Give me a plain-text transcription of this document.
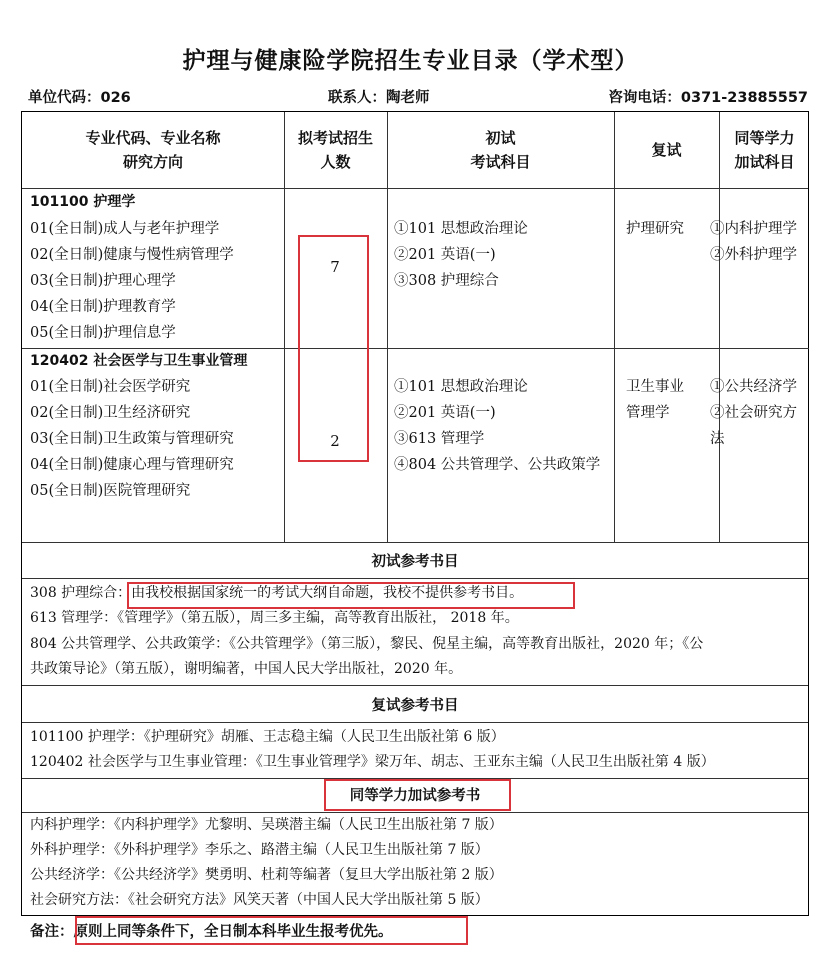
护理与健康险学院招生专业目录（学术型）
单位代码：026	联系人：陶老师	咨询电话：0371-23885557
专业代码、专业名称
研究方向
拟考试招生
人数
初试
考试科目
复试
同等学力
加试科目
101100 护理学
01(全日制)成人与老年护理学
02(全日制)健康与慢性病管理学
03(全日制)护理心理学
04(全日制)护理教育学
05(全日制)护理信息学
7
①101 思想政治理论
②201 英语(一)
③308 护理综合
护理研究 ①内科护理学
②外科护理学
120402 社会医学与卫生事业管理
01(全日制)社会医学研究
02(全日制)卫生经济研究
03(全日制)卫生政策与管理研究
04(全日制)健康心理与管理研究
05(全日制)医院管理研究
2
①101 思想政治理论
②201 英语(一)
③613 管理学
④804 公共管理学、公共政策学
卫生事业
管理学
①公共经济学
②社会研究方
法
初试参考书目
308 护理综合：由我校根据国家统一的考试大纲自命题，我校不提供参考书目。
613 管理学：《管理学》（第五版），周三多主编，高等教育出版社， 2018 年。
804 公共管理学、公共政策学：《公共管理学》（第三版），黎民、倪星主编，高等教育出版社，2020 年；《公
共政策导论》（第五版），谢明编著，中国人民大学出版社，2020 年。
复试参考书目
101100 护理学：《护理研究》胡雁、王志稳主编（人民卫生出版社第 6 版）
120402 社会医学与卫生事业管理：《卫生事业管理学》梁万年、胡志、王亚东主编（人民卫生出版社第 4 版）
同等学力加试参考书
内科护理学：《内科护理学》尤黎明、吴瑛潜主编（人民卫生出版社第 7 版）
外科护理学：《外科护理学》李乐之、路潜主编（人民卫生出版社第 7 版）
公共经济学：《公共经济学》樊勇明、杜莉等编著（复旦大学出版社第 2 版）
社会研究方法：《社会研究方法》风笑天著（中国人民大学出版社第 5 版）
备注：原则上同等条件下，全日制本科毕业生报考优先。
